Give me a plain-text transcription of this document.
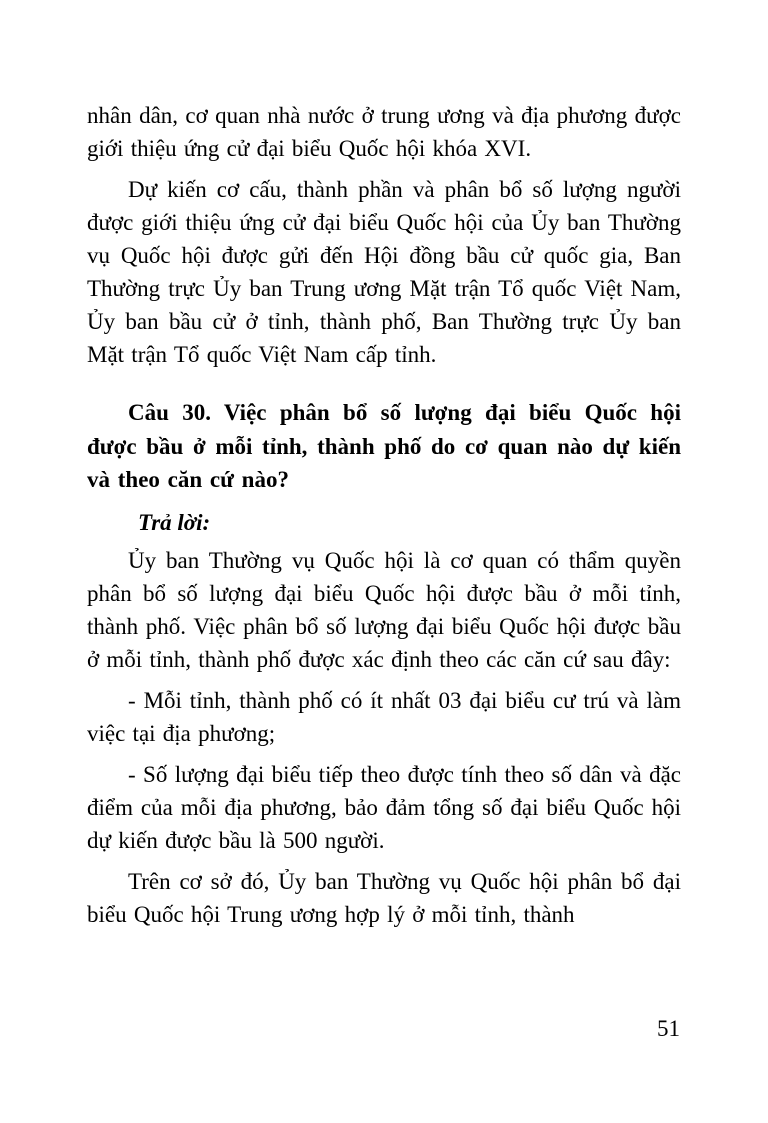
nhân dân, cơ quan nhà nước ở trung ương và địa phương được giới thiệu ứng cử đại biểu Quốc hội khóa XVI.

Dự kiến cơ cấu, thành phần và phân bổ số lượng người được giới thiệu ứng cử đại biểu Quốc hội của Ủy ban Thường vụ Quốc hội được gửi đến Hội đồng bầu cử quốc gia, Ban Thường trực Ủy ban Trung ương Mặt trận Tổ quốc Việt Nam, Ủy ban bầu cử ở tỉnh, thành phố, Ban Thường trực Ủy ban Mặt trận Tổ quốc Việt Nam cấp tỉnh.

Câu 30. Việc phân bổ số lượng đại biểu Quốc hội được bầu ở mỗi tỉnh, thành phố do cơ quan nào dự kiến và theo căn cứ nào?

Trả lời:

Ủy ban Thường vụ Quốc hội là cơ quan có thẩm quyền phân bổ số lượng đại biểu Quốc hội được bầu ở mỗi tỉnh, thành phố. Việc phân bổ số lượng đại biểu Quốc hội được bầu ở mỗi tỉnh, thành phố được xác định theo các căn cứ sau đây:

- Mỗi tỉnh, thành phố có ít nhất 03 đại biểu cư trú và làm việc tại địa phương;

- Số lượng đại biểu tiếp theo được tính theo số dân và đặc điểm của mỗi địa phương, bảo đảm tổng số đại biểu Quốc hội dự kiến được bầu là 500 người.

Trên cơ sở đó, Ủy ban Thường vụ Quốc hội phân bổ đại biểu Quốc hội Trung ương hợp lý ở mỗi tỉnh, thành

51
